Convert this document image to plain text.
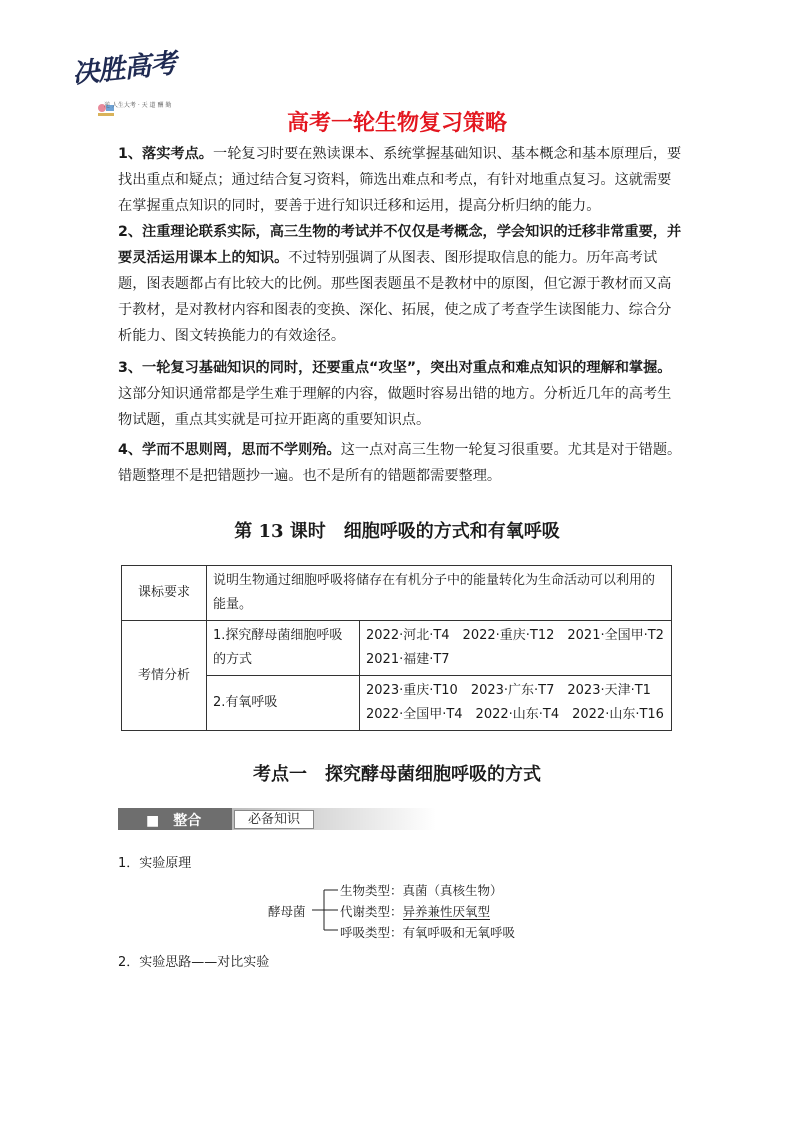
决胜高考
逆 人生大考 · 天 道 酬 勤
高考一轮生物复习策略
1、落实考点。一轮复习时要在熟读课本、系统掌握基础知识、基本概念和基本原理后，要找出重点和疑点；通过结合复习资料，筛选出难点和考点，有针对地重点复习。这就需要在掌握重点知识的同时，要善于进行知识迁移和运用，提高分析归纳的能力。
2、注重理论联系实际，高三生物的考试并不仅仅是考概念，学会知识的迁移非常重要，并要灵活运用课本上的知识。不过特别强调了从图表、图形提取信息的能力。历年高考试题，图表题都占有比较大的比例。那些图表题虽不是教材中的原图，但它源于教材而又高于教材，是对教材内容和图表的变换、深化、拓展，使之成了考查学生读图能力、综合分析能力、图文转换能力的有效途径。
3、一轮复习基础知识的同时，还要重点“攻坚”，突出对重点和难点知识的理解和掌握。这部分知识通常都是学生难于理解的内容，做题时容易出错的地方。分析近几年的高考生物试题，重点其实就是可拉开距离的重要知识点。
4、学而不思则罔，思而不学则殆。这一点对高三生物一轮复习很重要。尤其是对于错题。错题整理不是把错题抄一遍。也不是所有的错题都需要整理。
第 13 课时　细胞呼吸的方式和有氧呼吸
课标要求	说明生物通过细胞呼吸将储存在有机分子中的能量转化为生命活动可以利用的能量。	
考情分析	1.探究酵母菌细胞呼吸的方式	2022·河北·T4　2022·重庆·T12　2021·全国甲·T2
2021·福建·T7

	2.有氧呼吸	2023·重庆·T10　2023·广东·T7　2023·天津·T1
2022·全国甲·T4　2022·山东·T4　2022·山东·T16
考点一　探究酵母菌细胞呼吸的方式
■　整合	必备知识
1．实验原理
酵母菌
生物类型：真菌（真核生物）
代谢类型：异养兼性厌氧型
呼吸类型：有氧呼吸和无氧呼吸
2．实验思路——对比实验
